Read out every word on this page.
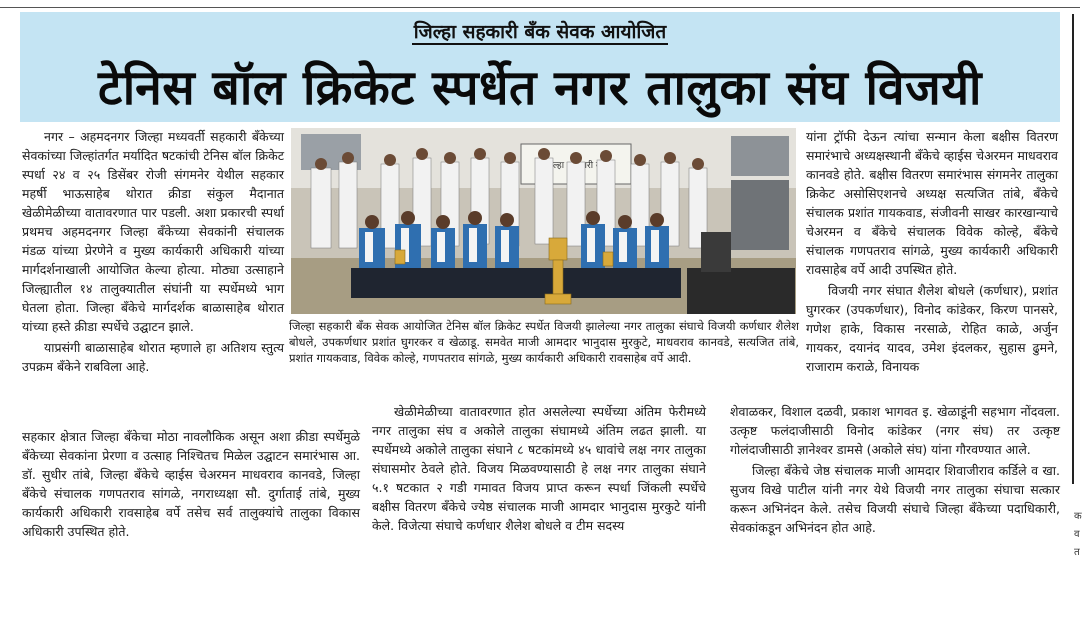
जिल्हा सहकारी बँक सेवक आयोजित
टेनिस बॉल क्रिकेट स्पर्धेत नगर तालुका संघ विजयी

नगर – अहमदनगर जिल्हा मध्यवर्ती सहकारी बँकेच्या सेवकांच्या जिल्हांतर्गत मर्यादित षटकांची टेनिस बॉल क्रिकेट स्पर्धा २४ व २५ डिसेंबर रोजी संगमनेर येथील सहकार महर्षी भाऊसाहेब थोरात क्रीडा संकुल मैदानात खेळीमेळीच्या वातावरणात पार पडली. अशा प्रकारची स्पर्धा प्रथमच अहमदनगर जिल्हा बँकेच्या सेवकांनी संचालक मंडळ यांच्या प्रेरणेने व मुख्य कार्यकारी अधिकारी यांच्या मार्गदर्शनाखाली आयोजित केल्या होत्या. मोठ्या उत्साहाने जिल्ह्यातील १४ तालुक्यातील संघांनी या स्पर्धेमध्ये भाग घेतला होता. जिल्हा बँकेचे मार्गदर्शक बाळासाहेब थोरात यांच्या हस्ते क्रीडा स्पर्धेचे उद्घाटन झाले.

याप्रसंगी बाळासाहेब थोरात म्हणाले हा अतिशय स्तुत्य उपक्रम बँकेने राबविला आहे.

सहकार क्षेत्रात जिल्हा बँकेचा मोठा नावलौकिक असून अशा क्रीडा स्पर्धेमुळे बँकेच्या सेवकांना प्रेरणा व उत्साह निश्चितच मिळेल उद्घाटन समारंभास आ. डॉ. सुधीर तांबे, जिल्हा बँकेचे व्हाईस चेअरमन माधवराव कानवडे, जिल्हा बँकेचे संचालक गणपतराव सांगळे, नगराध्यक्षा सौ. दुर्गाताई तांबे, मुख्य कार्यकारी अधिकारी रावसाहेब वर्पे तसेच सर्व तालुक्यांचे तालुका विकास अधिकारी उपस्थित होते.

खेळीमेळीच्या वातावरणात होत असलेल्या स्पर्धेच्या अंतिम फेरीमध्ये नगर तालुका संघ व अकोले तालुका संघामध्ये अंतिम लढत झाली. या स्पर्धेमध्ये अकोले तालुका संघाने ८ षटकांमध्ये ४५ धावांचे लक्ष नगर तालुका संघासमोर ठेवले होते. विजय मिळवण्यासाठी हे लक्ष नगर तालुका संघाने ५.१ षटकात २ गडी गमावत विजय प्राप्त करून स्पर्धा जिंकली स्पर्धेचे बक्षीस वितरण बँकेचे ज्येष्ठ संचालक माजी आमदार भानुदास मुरकुटे यांनी केले. विजेत्या संघाचे कर्णधार शैलेश बोधले व टीम सदस्य

यांना ट्रॉफी देऊन त्यांचा सन्मान केला बक्षीस वितरण समारंभाचे अध्यक्षस्थानी बँकेचे व्हाईस चेअरमन माधवराव कानवडे होते. बक्षीस वितरण समारंभास संगमनेर तालुका क्रिकेट असोसिएशनचे अध्यक्ष सत्यजित तांबे, बँकेचे संचालक प्रशांत गायकवाड, संजीवनी साखर कारखान्याचे चेअरमन व बँकेचे संचालक विवेक कोल्हे, बँकेचे संचालक गणपतराव सांगळे, मुख्य कार्यकारी अधिकारी रावसाहेब वर्पे आदी उपस्थित होते.

विजयी नगर संघात शैलेश बोधले (कर्णधार), प्रशांत घुगरकर (उपकर्णधार), विनोद कांडेकर, किरण पानसरे, गणेश हाके, विकास नरसाळे, रोहित काळे, अर्जुन गायकर, दयानंद यादव, उमेश इंदलकर, सुहास ढुमने, राजाराम कराळे, विनायक

शेवाळकर, विशाल दळवी, प्रकाश भागवत इ. खेळाडूंनी सहभाग नोंदवला. उत्कृष्ट फलंदाजीसाठी विनोद कांडेकर (नगर संघ) तर उत्कृष्ट गोलंदाजीसाठी ज्ञानेश्वर डामसे (अकोले संघ) यांना गौरवण्यात आले.

जिल्हा बँकेचे जेष्ठ संचालक माजी आमदार शिवाजीराव कर्डिले व खा. सुजय विखे पाटील यांनी नगर येथे विजयी नगर तालुका संघाचा सत्कार करून अभिनंदन केले. तसेच विजयी संघाचे जिल्हा बँकेच्या पदाधिकारी, सेवकांकडून अभिनंदन होत आहे.

जिल्हा
जिल्हा सहकारी बँक सेवक आयोजित टेनिस बॉल क्रिकेट स्पर्धेत विजयी झालेल्या नगर तालुका संघाचे विजयी कर्णधार शैलेश बोधले, उपकर्णधार प्रशांत घुगरकर व खेळाडू. समवेत माजी आमदार भानुदास मुरकुटे, माधवराव कानवडे, सत्यजित तांबे, प्रशांत गायकवाड, विवेक कोल्हे, गणपतराव सांगळे, मुख्य कार्यकारी अधिकारी रावसाहेब वर्पे आदी.
क
व
त
